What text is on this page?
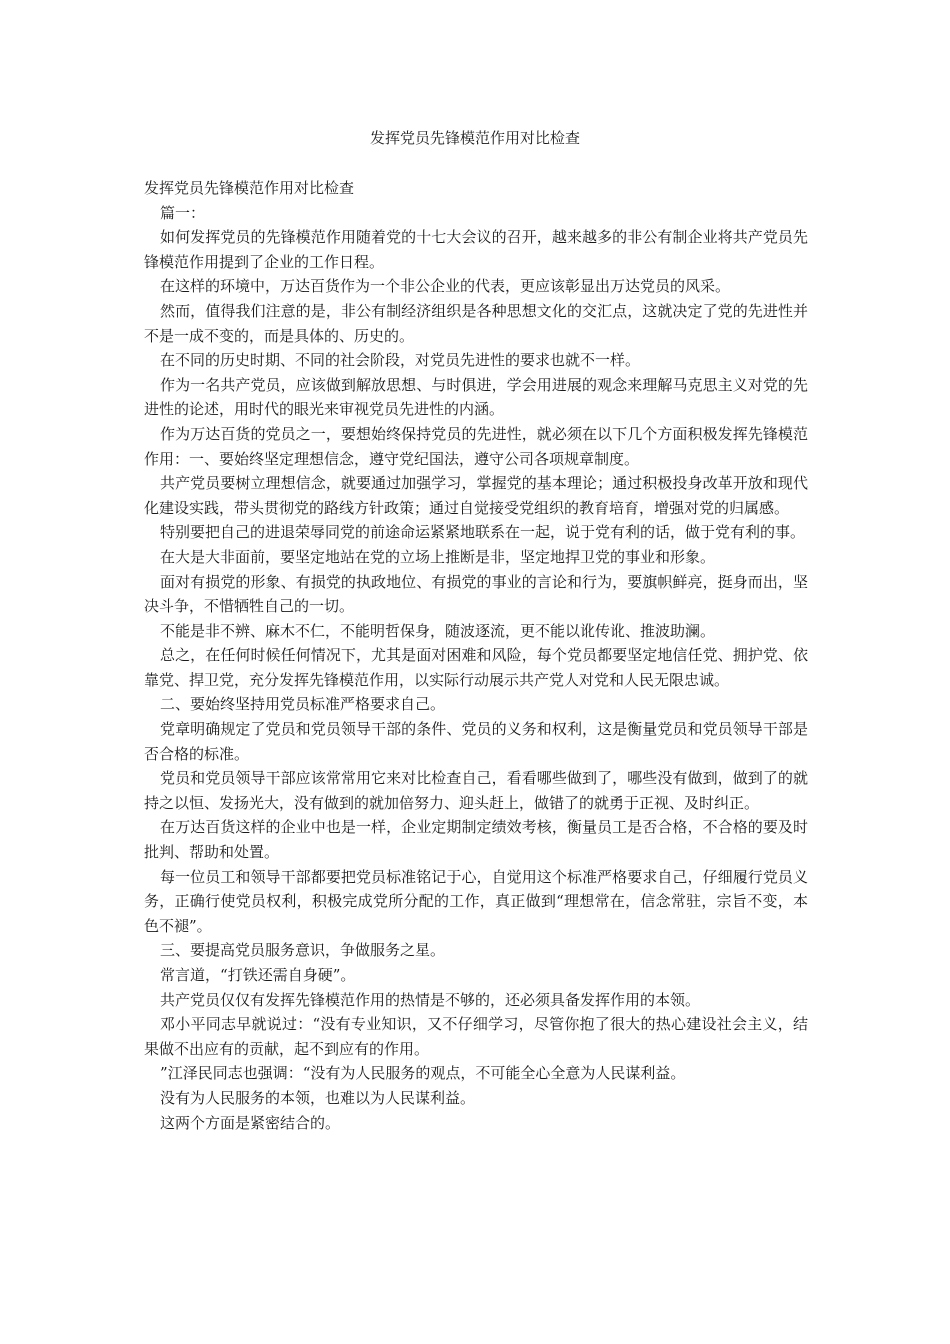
发挥党员先锋模范作用对比检查

发挥党员先锋模范作用对比检查

篇一：

如何发挥党员的先锋模范作用随着党的十七大会议的召开，越来越多的非公有制企业将共产党员先锋模范作用提到了企业的工作日程。

在这样的环境中，万达百货作为一个非公企业的代表，更应该彰显出万达党员的风采。

然而，值得我们注意的是，非公有制经济组织是各种思想文化的交汇点，这就决定了党的先进性并不是一成不变的，而是具体的、历史的。

在不同的历史时期、不同的社会阶段，对党员先进性的要求也就不一样。

作为一名共产党员，应该做到解放思想、与时俱进，学会用进展的观念来理解马克思主义对党的先进性的论述，用时代的眼光来审视党员先进性的内涵。

作为万达百货的党员之一，要想始终保持党员的先进性，就必须在以下几个方面积极发挥先锋模范作用：一、要始终坚定理想信念，遵守党纪国法，遵守公司各项规章制度。

共产党员要树立理想信念，就要通过加强学习，掌握党的基本理论；通过积极投身改革开放和现代化建设实践，带头贯彻党的路线方针政策；通过自觉接受党组织的教育培育，增强对党的归属感。

特别要把自己的进退荣辱同党的前途命运紧紧地联系在一起，说于党有利的话，做于党有利的事。

在大是大非面前，要坚定地站在党的立场上推断是非，坚定地捍卫党的事业和形象。

面对有损党的形象、有损党的执政地位、有损党的事业的言论和行为，要旗帜鲜亮，挺身而出，坚决斗争，不惜牺牲自己的一切。

不能是非不辨、麻木不仁，不能明哲保身，随波逐流，更不能以讹传讹、推波助澜。

总之，在任何时候任何情况下，尤其是面对困难和风险，每个党员都要坚定地信任党、拥护党、依靠党、捍卫党，充分发挥先锋模范作用，以实际行动展示共产党人对党和人民无限忠诚。

二、要始终坚持用党员标准严格要求自己。

党章明确规定了党员和党员领导干部的条件、党员的义务和权利，这是衡量党员和党员领导干部是否合格的标准。

党员和党员领导干部应该常常用它来对比检查自己，看看哪些做到了，哪些没有做到，做到了的就持之以恒、发扬光大，没有做到的就加倍努力、迎头赶上，做错了的就勇于正视、及时纠正。

在万达百货这样的企业中也是一样，企业定期制定绩效考核，衡量员工是否合格，不合格的要及时批判、帮助和处置。

每一位员工和领导干部都要把党员标准铭记于心，自觉用这个标准严格要求自己，仔细履行党员义务，正确行使党员权利，积极完成党所分配的工作，真正做到“理想常在，信念常驻，宗旨不变，本色不褪”。

三、要提高党员服务意识，争做服务之星。

常言道，“打铁还需自身硬”。

共产党员仅仅有发挥先锋模范作用的热情是不够的，还必须具备发挥作用的本领。

邓小平同志早就说过：“没有专业知识，又不仔细学习，尽管你抱了很大的热心建设社会主义，结果做不出应有的贡献，起不到应有的作用。

”江泽民同志也强调：“没有为人民服务的观点，不可能全心全意为人民谋利益。

没有为人民服务的本领，也难以为人民谋利益。

这两个方面是紧密结合的。
